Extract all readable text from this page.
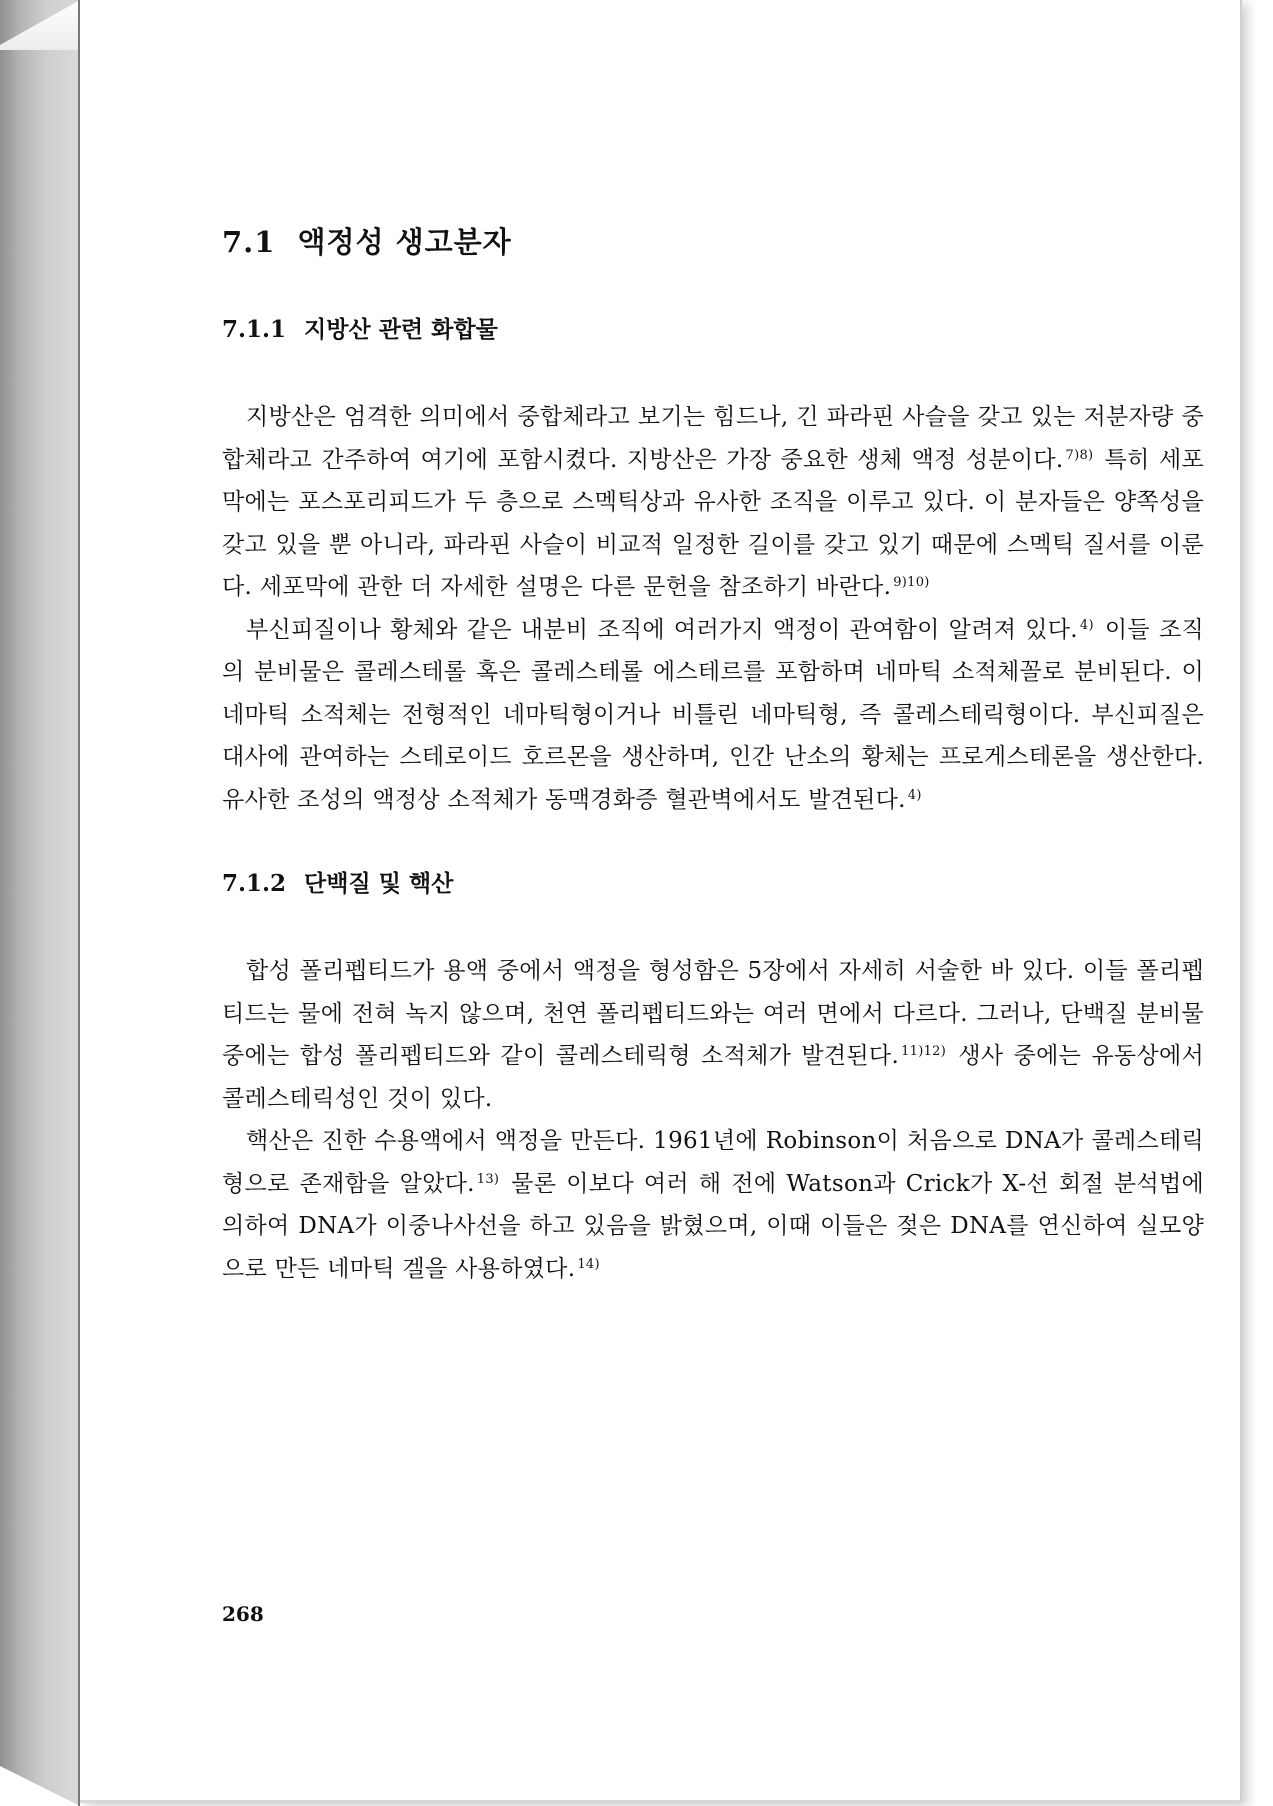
7.1 액정성 생고분자
7.1.1 지방산 관련 화합물

지방산은 엄격한 의미에서 중합체라고 보기는 힘드나, 긴 파라핀 사슬을 갖고 있는 저분자량 중합체라고 간주하여 여기에 포함시켰다. 지방산은 가장 중요한 생체 액정 성분이다. $^{7)8)}$ 특히 세포막에는 포스포리피드가 두 층으로 스멕틱상과 유사한 조직을 이루고 있다. 이 분자들은 양쪽성을 갖고 있을 뿐 아니라, 파라핀 사슬이 비교적 일정한 길이를 갖고 있기 때문에 스멕틱 질서를 이룬다. 세포막에 관한 더 자세한 설명은 다른 문헌을 참조하기 바란다. $^{9)10)}$

부신피질이나 황체와 같은 내분비 조직에 여러가지 액정이 관여함이 알려져 있다. $^{4)}$ 이들 조직의 분비물은 콜레스테롤 혹은 콜레스테롤 에스테르를 포함하며 네마틱 소적체꼴로 분비된다. 이 네마틱 소적체는 전형적인 네마틱형이거나 비틀린 네마틱형, 즉 콜레스테릭형이다. 부신피질은 대사에 관여하는 스테로이드 호르몬을 생산하며, 인간 난소의 황체는 프로게스테론을 생산한다. 유사한 조성의 액정상 소적체가 동맥경화증 혈관벽에서도 발견된다. $^{4)}$

7.1.2 단백질 및 핵산

합성 폴리펩티드가 용액 중에서 액정을 형성함은 5장에서 자세히 서술한 바 있다. 이들 폴리펩티드는 물에 전혀 녹지 않으며, 천연 폴리펩티드와는 여러 면에서 다르다. 그러나, 단백질 분비물 중에는 합성 폴리펩티드와 같이 콜레스테릭형 소적체가 발견된다. $^{11)12)}$ 생사 중에는 유동상에서 콜레스테릭성인 것이 있다.

핵산은 진한 수용액에서 액정을 만든다. 1961년에 Robinson이 처음으로 DNA가 콜레스테릭형으로 존재함을 알았다. $^{13)}$ 물론 이보다 여러 해 전에 Watson과 Crick가 X-선 회절 분석법에 의하여 DNA가 이중나사선을 하고 있음을 밝혔으며, 이때 이들은 젖은 DNA를 연신하여 실모양으로 만든 네마틱 겔을 사용하였다. $^{14)}$

268
